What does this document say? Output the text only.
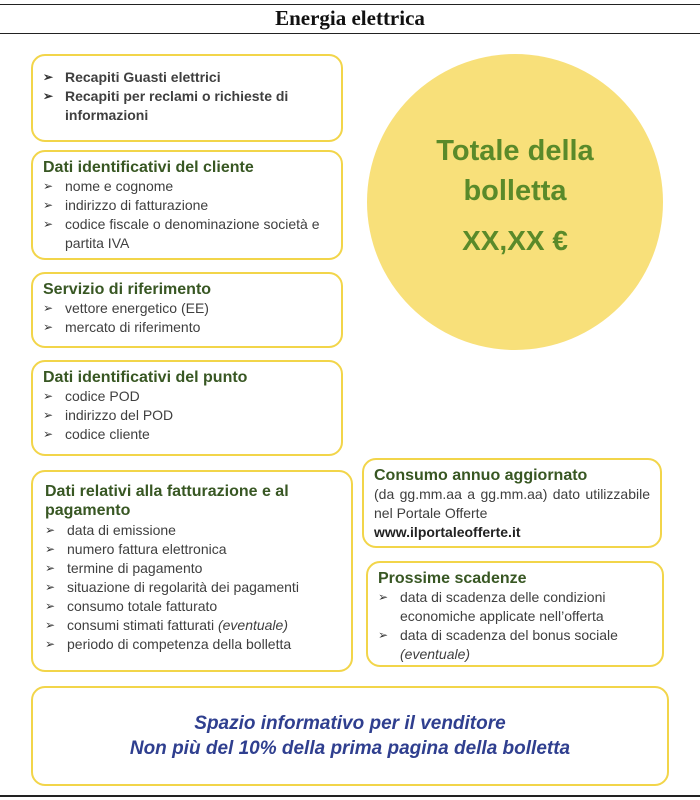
Energia elettrica
➢ Recapiti Guasti elettrici
➢ Recapiti per reclami o richieste di informazioni
Dati identificativi del cliente
➢ nome e cognome
➢ indirizzo di fatturazione
➢ codice fiscale o denominazione società e partita IVA
Servizio di riferimento
➢ vettore energetico (EE)
➢ mercato di riferimento
Dati identificativi del punto
➢ codice POD
➢ indirizzo del POD
➢ codice cliente
Totale della bolletta
XX,XX €
Dati relativi alla fatturazione e al pagamento
➢ data di emissione
➢ numero fattura elettronica
➢ termine di pagamento
➢ situazione di regolarità dei pagamenti
➢ consumo totale fatturato
➢ consumi stimati fatturati (eventuale)
➢ periodo di competenza della bolletta
Consumo annuo aggiornato
(da gg.mm.aa a gg.mm.aa) dato utilizzabile nel Portale Offerte
www.ilportaleofferte.it
Prossime scadenze
➢ data di scadenza delle condizioni economiche applicate nell’offerta
➢ data di scadenza del bonus sociale
(eventuale)
Spazio informativo per il venditore
Non più del 10% della prima pagina della bolletta
